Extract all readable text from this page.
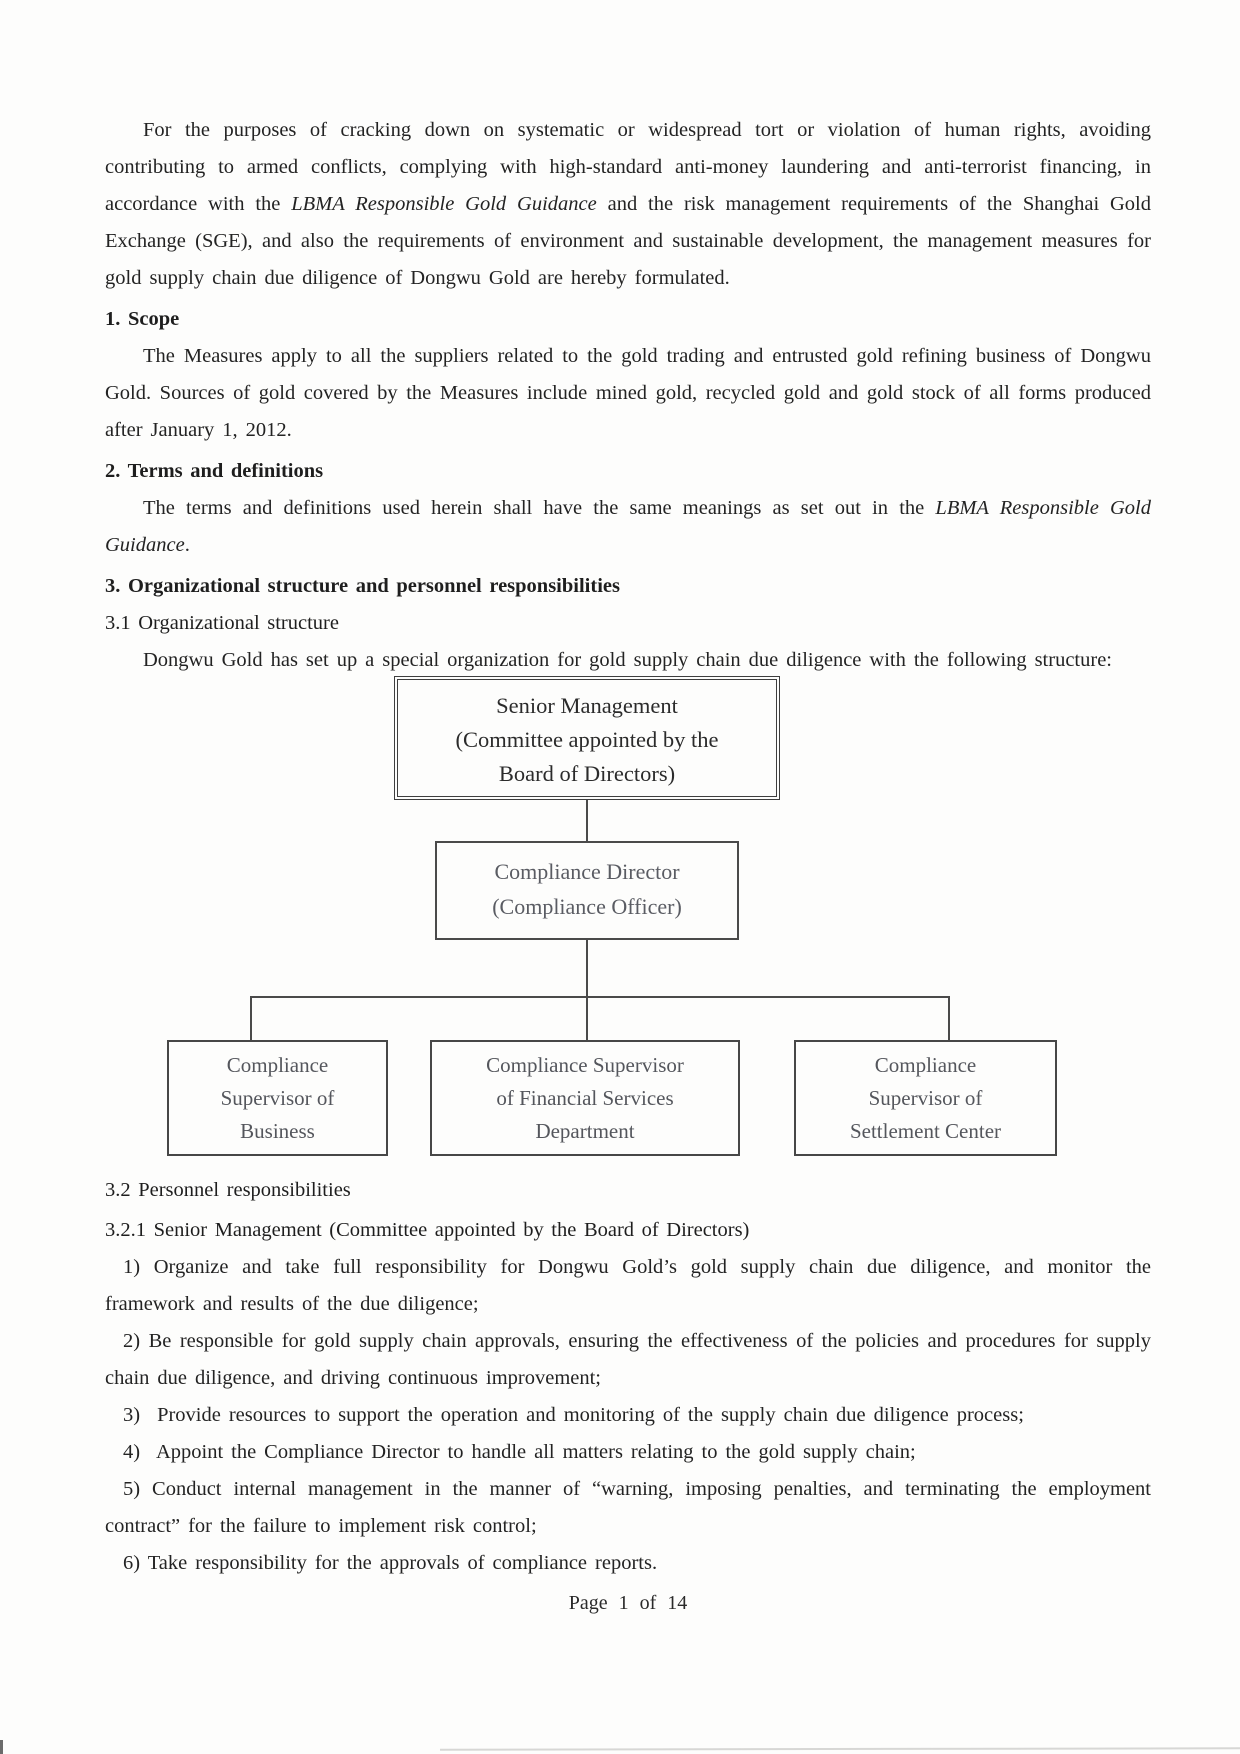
For the purposes of cracking down on systematic or widespread tort or violation of human rights, avoiding contributing to armed conflicts, complying with high-standard anti-money laundering and anti-terrorist financing, in accordance with the LBMA Responsible Gold Guidance and the risk management requirements of the Shanghai Gold Exchange (SGE), and also the requirements of environment and sustainable development, the management measures for gold supply chain due diligence of Dongwu Gold are hereby formulated.

1. Scope

The Measures apply to all the suppliers related to the gold trading and entrusted gold refining business of Dongwu Gold. Sources of gold covered by the Measures include mined gold, recycled gold and gold stock of all forms produced after January 1, 2012.

2. Terms and definitions

The terms and definitions used herein shall have the same meanings as set out in the LBMA Responsible Gold Guidance.

3. Organizational structure and personnel responsibilities
3.1 Organizational structure

Dongwu Gold has set up a special organization for gold supply chain due diligence with the following structure:

Senior Management
(Committee appointed by the
Board of Directors)
Compliance Director
(Compliance Officer)
Compliance
Supervisor of
Business
Compliance Supervisor
of Financial Services
Department
Compliance
Supervisor of
Settlement Center
3.2 Personnel responsibilities
3.2.1 Senior Management (Committee appointed by the Board of Directors)

1) Organize and take full responsibility for Dongwu Gold’s gold supply chain due diligence, and monitor the framework and results of the due diligence;

2) Be responsible for gold supply chain approvals, ensuring the effectiveness of the policies and procedures for supply chain due diligence, and driving continuous improvement;

3) Provide resources to support the operation and monitoring of the supply chain due diligence process;

4) Appoint the Compliance Director to handle all matters relating to the gold supply chain;

5) Conduct internal management in the manner of “warning, imposing penalties, and terminating the employment contract” for the failure to implement risk control;

6) Take responsibility for the approvals of compliance reports.

Page 1 of 14
